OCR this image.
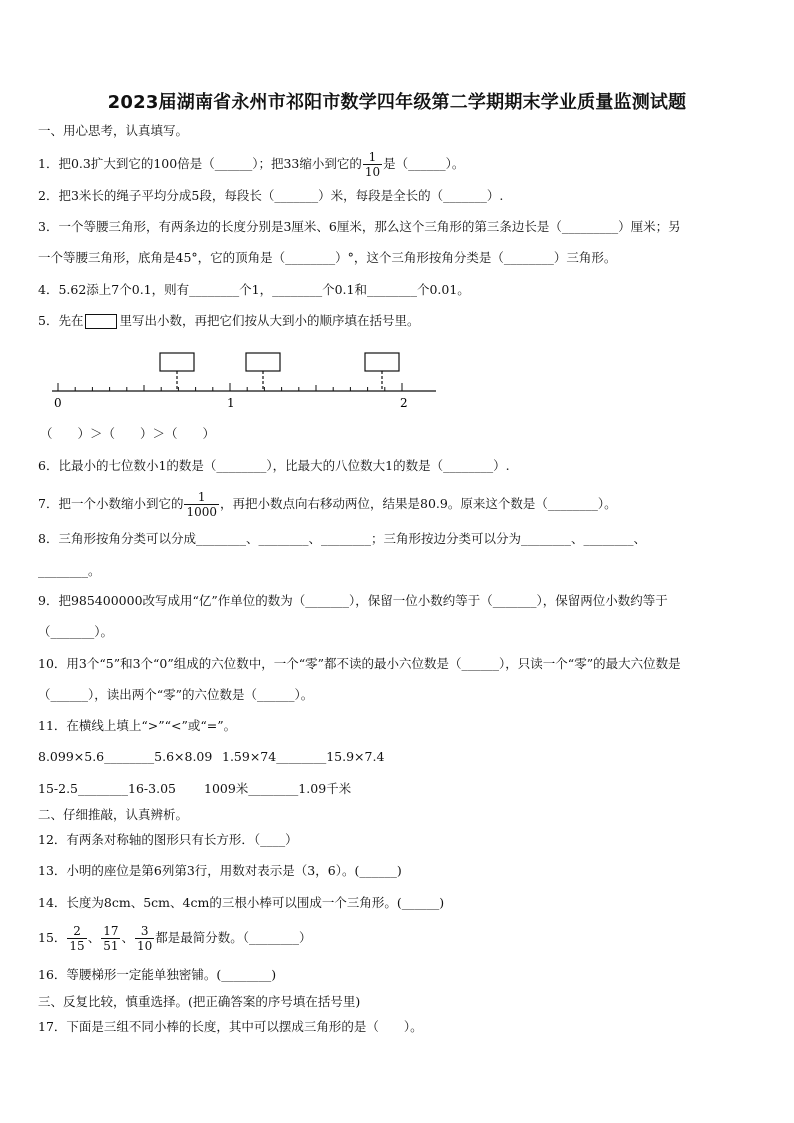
2023届湖南省永州市祁阳市数学四年级第二学期期末学业质量监测试题
一、用心思考，认真填写。
1．把0.3扩大到它的100倍是（______）；把33缩小到它的 $\frac{1}{10}$ 是（______）。
2．把3米长的绳子平均分成5段，每段长（_______）米，每段是全长的（_______）.
3．一个等腰三角形，有两条边的长度分别是3厘米、6厘米，那么这个三角形的第三条边长是（_________）厘米；另
一个等腰三角形，底角是45°，它的顶角是（________）°，这个三角形按角分类是（________）三角形。
4．5.62添上7个0.1，则有________个1，________个0.1和________个0.01。
5．先在	里写出小数，再把它们按从大到小的顺序填在括号里。
0	1	2
（　　）＞（　　）＞（　　）
6．比最小的七位数小1的数是（________），比最大的八位数大1的数是（________）.
7．把一个小数缩小到它的 $\frac{1}{1000}$ ，再把小数点向右移动两位，结果是80.9。原来这个数是（________）。
8．三角形按角分类可以分成________、________、________；三角形按边分类可以分为________、________、
________。
9．把985400000改写成用“亿”作单位的数为（_______），保留一位小数约等于（_______），保留两位小数约等于
（_______）。
10．用3个“5”和3个“0”组成的六位数中，一个“零”都不读的最小六位数是（______），只读一个“零”的最大六位数是
（______），读出两个“零”的六位数是（______）。
11．在横线上填上“>”“<”或“=”。
8.099×5.6________5.6×8.09 1.59×74________15.9×7.4
15-2.5________16-3.05 1009米________1.09千米
二、仔细推敲，认真辨析。
12．有两条对称轴的图形只有长方形．（____）
13．小明的座位是第6列第3行，用数对表示是（3，6）。(______)
14．长度为8cm、5cm、4cm的三根小棒可以围成一个三角形。(______)
15． $\frac{2}{15}$ 、 $\frac{17}{51}$ 、 $\frac{3}{10}$ 都是最简分数。（________）
16．等腰梯形一定能单独密铺。(________)
三、反复比较，慎重选择。(把正确答案的序号填在括号里)
17．下面是三组不同小棒的长度，其中可以摆成三角形的是（　　）。
